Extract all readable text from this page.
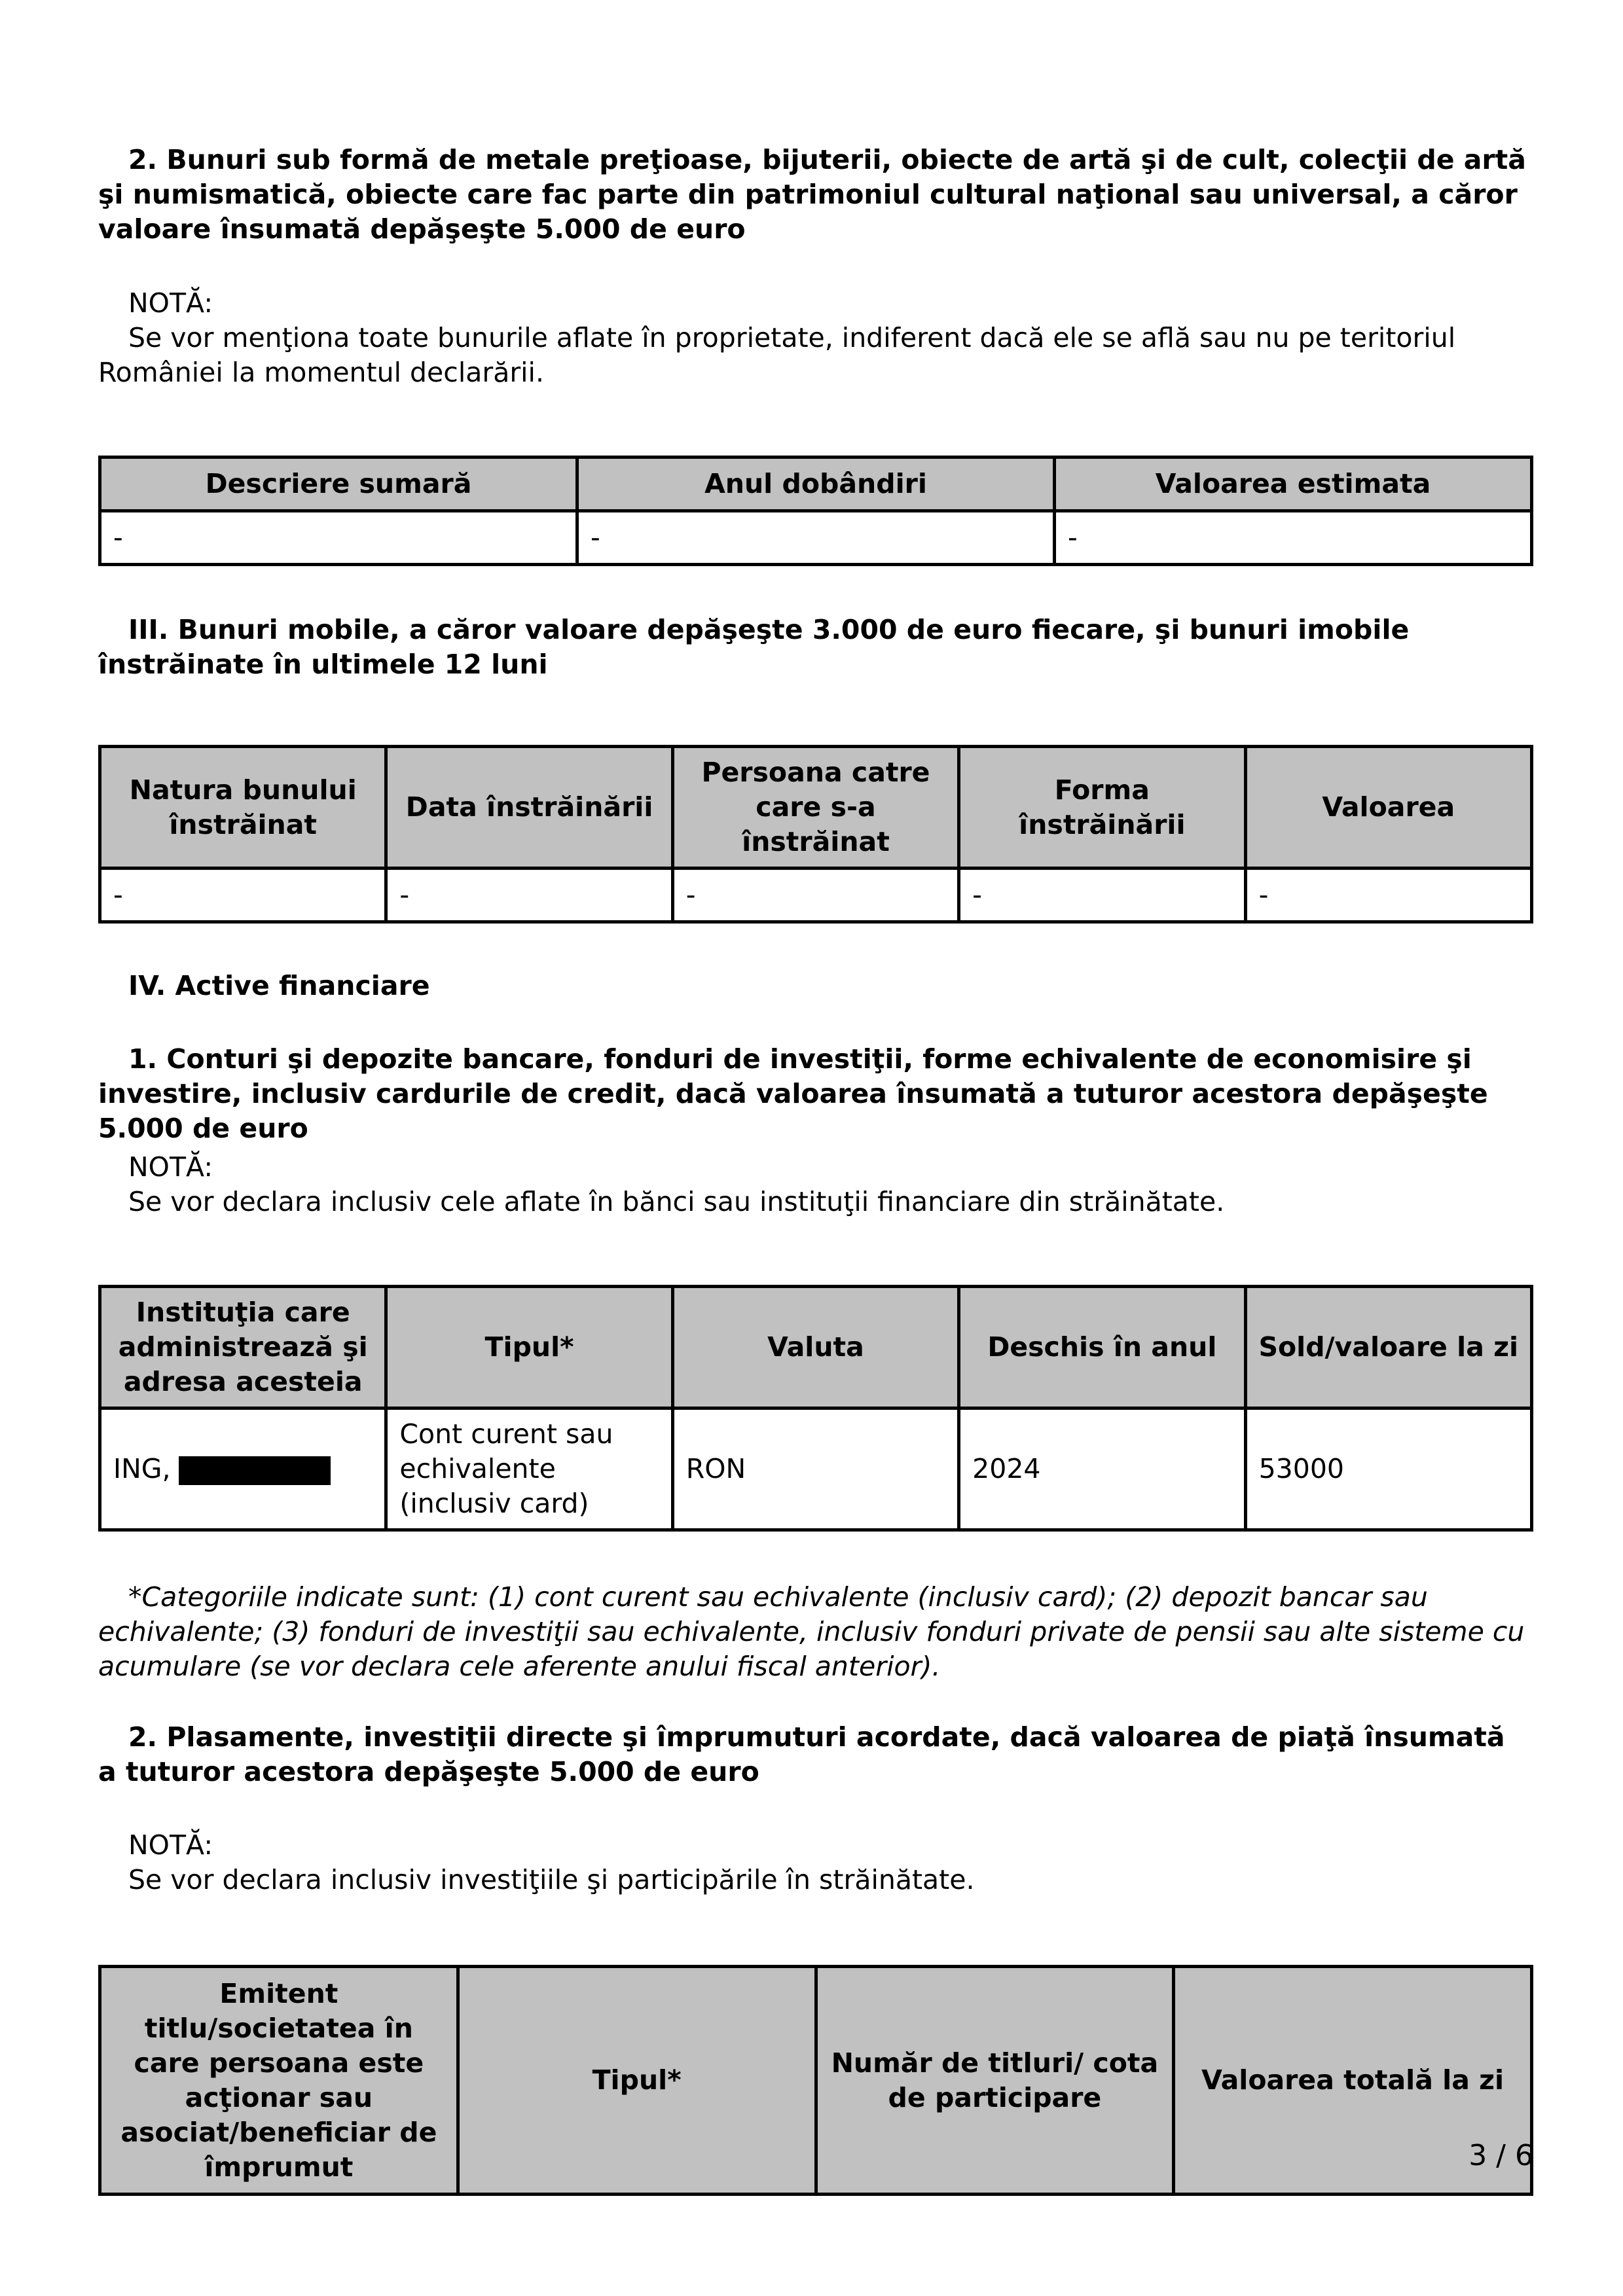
2. Bunuri sub formă de metale preţioase, bijuterii, obiecte de artă şi de cult, colecţii de artă şi numismatică, obiecte care fac parte din patrimoniul cultural naţional sau universal, a căror valoare însumată depăşeşte 5.000 de euro

NOTĂ:

Se vor menţiona toate bunurile aflate în proprietate, indiferent dacă ele se află sau nu pe teritoriul României la momentul declarării.

Descriere sumară	Anul dobândiri	Valoarea estimata
-	-	-

III. Bunuri mobile, a căror valoare depăşeşte 3.000 de euro fiecare, şi bunuri imobile înstrăinate în ultimele 12 luni

Natura bunului înstrăinat	Data înstrăinării	Persoana catre care s-a înstrăinat	Forma înstrăinării	Valoarea
-	-	-	-	-

IV. Active financiare

1. Conturi şi depozite bancare, fonduri de investiţii, forme echivalente de economisire şi investire, inclusiv cardurile de credit, dacă valoarea însumată a tuturor acestora depăşeşte 5.000 de euro

NOTĂ:

Se vor declara inclusiv cele aflate în bănci sau instituţii financiare din străinătate.

Instituţia care administrează şi adresa acesteia	Tipul*	Valuta	Deschis în anul	Sold/valoare la zi
ING,	Cont curent sau echivalente (inclusiv card)	RON	2024	53000

*Categoriile indicate sunt: (1) cont curent sau echivalente (inclusiv card); (2) depozit bancar sau echivalente; (3) fonduri de investiţii sau echivalente, inclusiv fonduri private de pensii sau alte sisteme cu acumulare (se vor declara cele aferente anului fiscal anterior).

2. Plasamente, investiţii directe şi împrumuturi acordate, dacă valoarea de piaţă însumată a tuturor acestora depăşeşte 5.000 de euro

NOTĂ:

Se vor declara inclusiv investiţiile şi participările în străinătate.

Emitent titlu/societatea în care persoana este acţionar sau asociat/beneficiar de împrumut	Tipul*	Număr de titluri/ cota de participare	Valoarea totală la zi
3 / 6
